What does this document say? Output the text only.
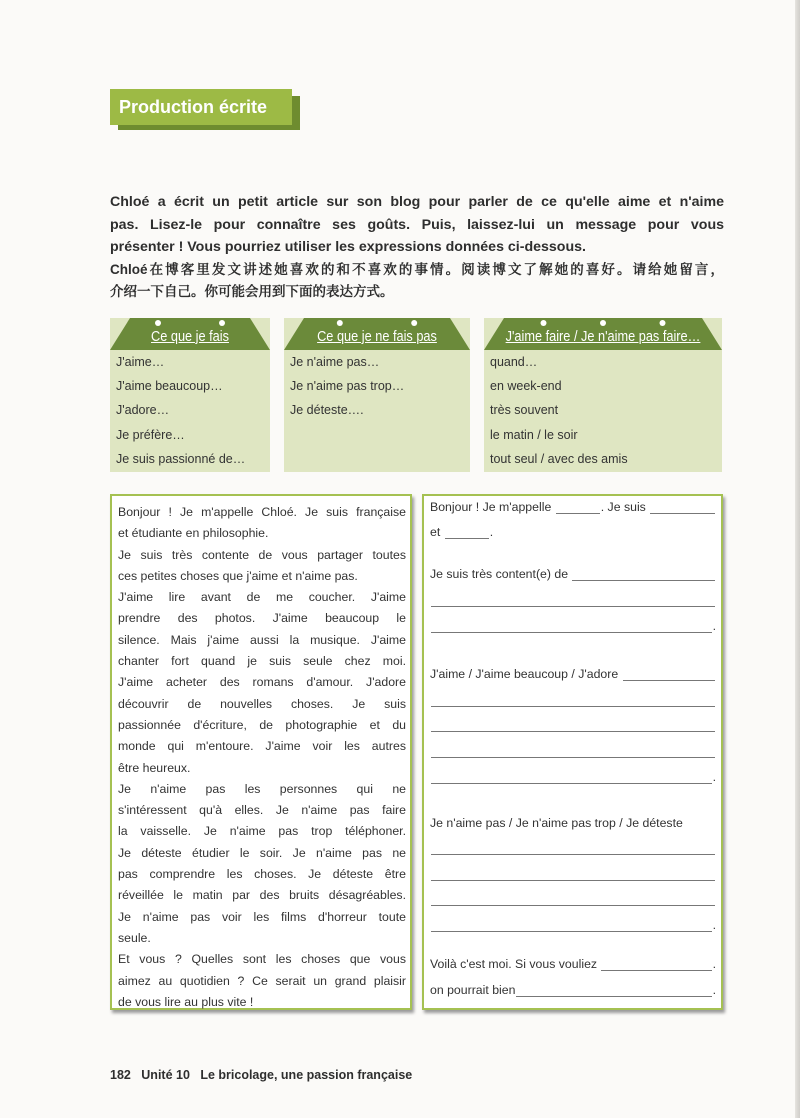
Production écrite
Chloé a écrit un petit article sur son blog pour parler de ce qu'elle aime et n'aime
pas. Lisez-le pour connaître ses goûts. Puis, laissez-lui un message pour vous
présenter ! Vous pourriez utiliser les expressions données ci-dessous.
Chloé在博客里发文讲述她喜欢的和不喜欢的事情。阅读博文了解她的喜好。请给她留言，
介绍一下自己。你可能会用到下面的表达方式。
Ce que je fais
J'aime…
J'aime beaucoup…
J'adore…
Je préfère…
Je suis passionné de…
Ce que je ne fais pas
Je n'aime pas…
Je n'aime pas trop…
Je déteste….
J'aime faire / Je n'aime pas faire…
quand…
en week-end
très souvent
le matin / le soir
tout seul / avec des amis
Bonjour ! Je m'appelle Chloé. Je suis française
et étudiante en philosophie.
Je suis très contente de vous partager toutes
ces petites choses que j'aime et n'aime pas.
J'aime lire avant de me coucher. J'aime
prendre des photos. J'aime beaucoup le
silence. Mais j'aime aussi la musique. J'aime
chanter fort quand je suis seule chez moi.
J'aime acheter des romans d'amour. J'adore
découvrir de nouvelles choses. Je suis
passionnée d'écriture, de photographie et du
monde qui m'entoure. J'aime voir les autres
être heureux.
Je n'aime pas les personnes qui ne
s'intéressent qu'à elles. Je n'aime pas faire
la vaisselle. Je n'aime pas trop téléphoner.
Je déteste étudier le soir. Je n'aime pas ne
pas comprendre les choses. Je déteste être
réveillée le matin par des bruits désagréables.
Je n'aime pas voir les films d'horreur toute
seule.
Et vous ? Quelles sont les choses que vous
aimez au quotidien ? Ce serait un grand plaisir
de vous lire au plus vite !
Bonjour ! Je m'appelle	. Je suis
et	.
Je suis très content(e) de
.
J'aime / J'aime beaucoup / J'adore
.
Je n'aime pas / Je n'aime pas trop / Je déteste
.
Voilà c'est moi. Si vous vouliez	.
on pourrait bien	.
182 Unité 10 Le bricolage, une passion française
